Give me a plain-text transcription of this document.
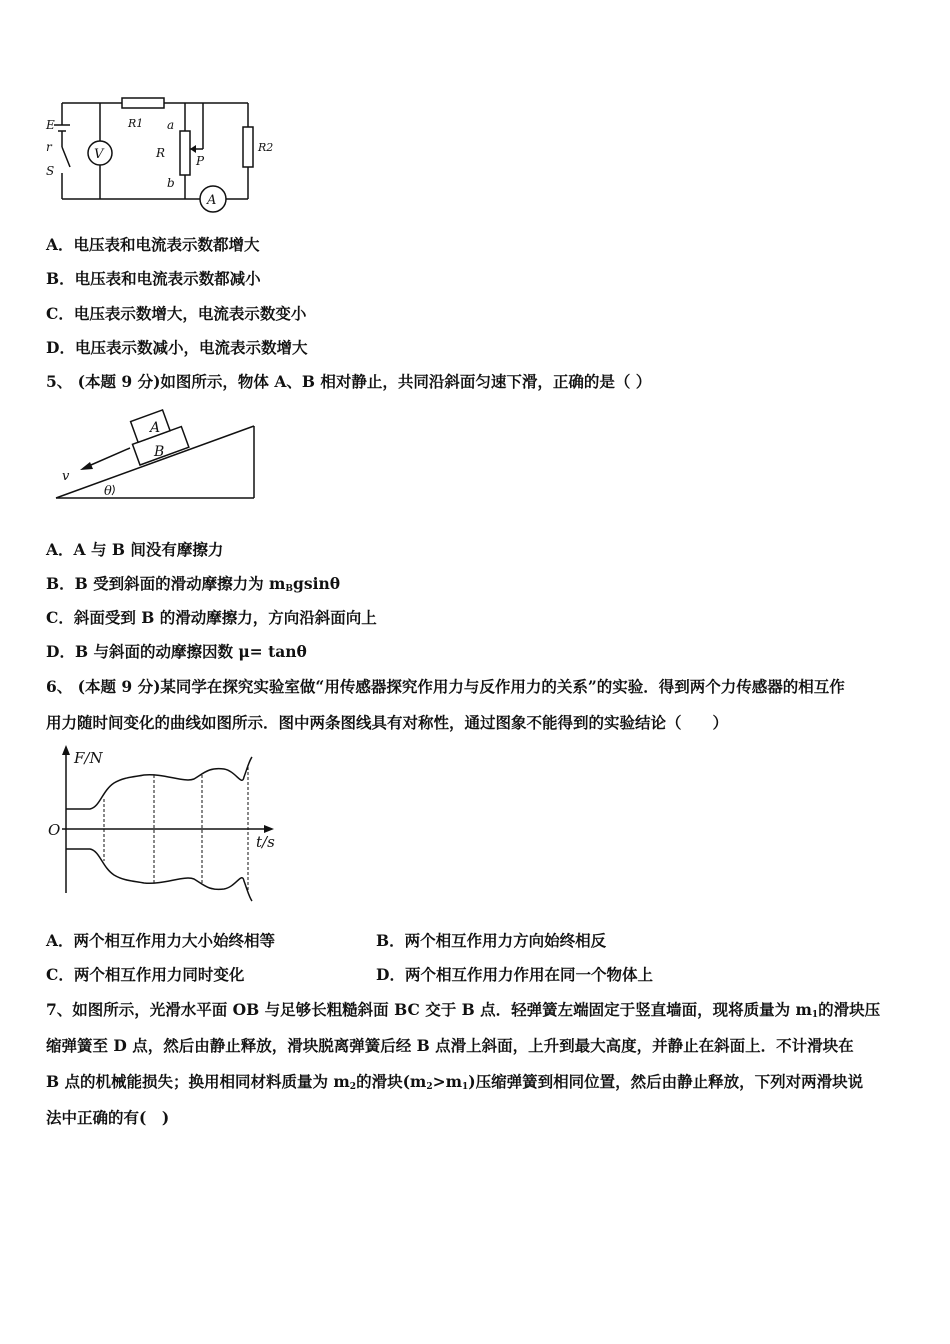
E
r
S
V
R1 a
R
b
P
R2
A
A．电压表和电流表示数都增大
B．电压表和电流表示数都减小
C．电压表示数增大，电流表示数变小
D．电压表示数减小，电流表示数增大
5、 (本题 9 分)如图所示，物体 A、B 相对静止，共同沿斜面匀速下滑，正确的是（ ）
A
B
v
θ
A．A 与 B 间没有摩擦力
B．B 受到斜面的滑动摩擦力为 $m_Bgsin\theta$
C．斜面受到 B 的滑动摩擦力，方向沿斜面向上
D．B 与斜面的动摩擦因数 μ= tanθ
6、 (本题 9 分)某同学在探究实验室做“用传感器探究作用力与反作用力的关系”的实验．得到两个力传感器的相互作
用力随时间变化的曲线如图所示．图中两条图线具有对称性，通过图象不能得到的实验结论（　　）
F/N
O
t/s
A．两个相互作用力大小始终相等	B．两个相互作用力方向始终相反
C．两个相互作用力同时变化	D．两个相互作用力作用在同一个物体上
7、如图所示，光滑水平面 OB 与足够长粗糙斜面 BC 交于 B 点．轻弹簧左端固定于竖直墙面，现将质量为 $m_1$的滑块压
缩弹簧至 D 点，然后由静止释放，滑块脱离弹簧后经 B 点滑上斜面，上升到最大高度，并静止在斜面上．不计滑块在
B 点的机械能损失；换用相同材料质量为 $m_2$的滑块$(m_2>m_1)$压缩弹簧到相同位置，然后由静止释放，下列对两滑块说
法中正确的有(　)
